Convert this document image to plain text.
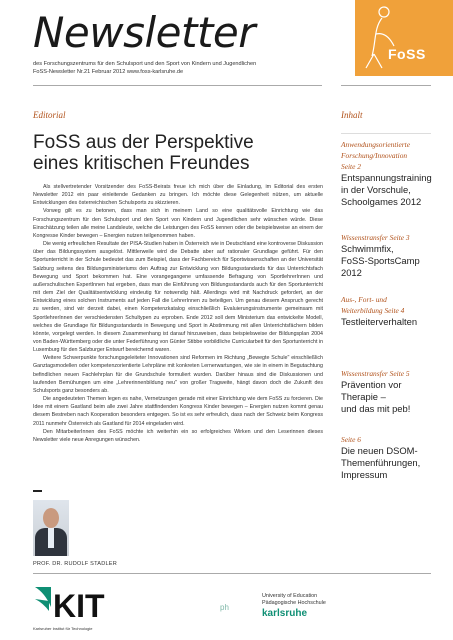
Newsletter
des Forschungszentrums für den Schulsport und den Sport von Kindern und Jugendlichen
FoSS-Newsletter Nr.21 Februar 2012 www.foss-karlsruhe.de
FoSS
Editorial	Inhalt
FoSS aus der Perspektive
eines kritischen Freundes

Als stellvertretender Vorsitzender des FoSS-Beirats freue ich mich über die Einladung, im Editorial des ersten Newsletter 2012 ein paar einleitende Gedanken zu bringen. Ich möchte diese Gelegenheit nützen, um aktuelle Entwicklungen des österreichischen Schulsports zu skizzieren.

Vorweg gilt es zu betonen, dass man sich in meinem Land so eine qualitätsvolle Einrichtung wie das Forschungszentrum für den Schulsport und den Sport von Kindern und Jugendlichen sehr wünschen würde. Diese Einschätzung teilen alle meine Landsleute, welche die Leistungen des FoSS kennen oder die beispielsweise an einem der Kongresse Kinder bewegen – Energien nutzen teilgenommen haben.

Die wenig erfreulichen Resultate der PISA-Studien haben in Österreich wie in Deutschland eine kontroverse Diskussion über das Bildungssystem ausgelöst. Mittlerweile wird die Debatte aber auf rationaler Grundlage geführt. Für den Sportunterricht in der Schule bedeutet das zum Beispiel, dass der Fachbereich für Sportwissenschaften an der Universität Salzburg seitens des Bildungsministeriums den Auftrag zur Entwicklung von Bildungsstandards für das Unterrichtsfach Bewegung und Sport bekommen hat. Eine vorangegangene umfassende Befragung von SportlehrerInnen und außerschulischen ExpertInnen hat ergeben, dass man die Einführung von Bildungsstandards auch für den Sportunterricht mit dem Ziel der Qualitätsentwicklung eindeutig für notwendig hält. Allerdings wird mit Nachdruck gefordert, an der Entwicklung eines solchen Instruments auf jeden Fall die LehrerInnen zu beteiligen. Um genau diesem Anspruch gerecht zu werden, sind wir derzeit dabei, einen Kompetenzkatalog einschließlich Evaluierungsinstrumente gemeinsam mit SportlehrerInnen der verschiedensten Schultypen zu erproben. Ende 2012 soll dem Ministerium das entwickelte Modell, welches die Grundlage für Bildungsstandards in Bewegung und Sport in Abstimmung mit allen Unterrichtsfächern bilden könnte, vorgelegt werden. In diesem Zusammenhang ist darauf hinzuweisen, dass beispielsweise der Bildungsplan 2004 von Baden-Württemberg oder die unter Federführung von Günter Stibbe vorbildliche Curricularbeit für den Sportunterricht in Luxemburg für den Salzburger Entwurf bereichernd waren.

Weitere Schwerpunkte forschungsgeleiteter Innovationen sind Reformen im Richtung „Bewegte Schule" einschließlich Ganztagsmodellen oder kompetenzorientierte Lehrpläne mit konkreten Lernerwartungen, wie sie in einem in Begutachtung befindlichen neuen Fachlehrplan für die Grundschule formuliert wurden. Darüber hinaus sind die Diskussionen und laufenden Bemühungen um eine „Lehrerinnenbildung neu" von großer Tragweite, hängt davon doch die Zukunft des Schulsports ganz besonders ab.

Die angedeuteten Themen legen es nahe, Vernetzungen gerade mit einer Einrichtung wie dem FoSS zu forcieren. Die Idee mit einem Gastland beim alle zwei Jahre stattfindenden Kongress Kinder bewegen – Energien nutzen kommt genau diesem Bestreben nach Kooperation besonders entgegen. So ist es sehr erfreulich, dass nach der Schweiz beim Kongress 2011 nunmehr Österreich als Gastland für 2014 eingeladen wird.

Den MitarbeiterInnen des FoSS möchte ich weiterhin ein so erfolgreiches Wirken und den Leserinnen dieses Newsletter viele neue Anregungen wünschen.

PROF. DR. RUDOLF STADLER
Anwendungsorientierte
Forschung/Innovation
Seite 2
Entspannungstraining
in der Vorschule,
Schoolgames 2012
Wissenstransfer Seite 3
Schwimmfix,
FoSS-SportsCamp
2012
Aus-, Fort- und
Weiterbildung Seite 4
Testleiterverhalten
Wissenstransfer Seite 5
Prävention vor
Therapie –
und das mit peb!
Seite 6
Die neuen DSOM-
Themenführungen,
Impressum
KIT
Karlsruher Institut für Technologie
ph
University of Education
Pädagogische Hochschule
karlsruhe
